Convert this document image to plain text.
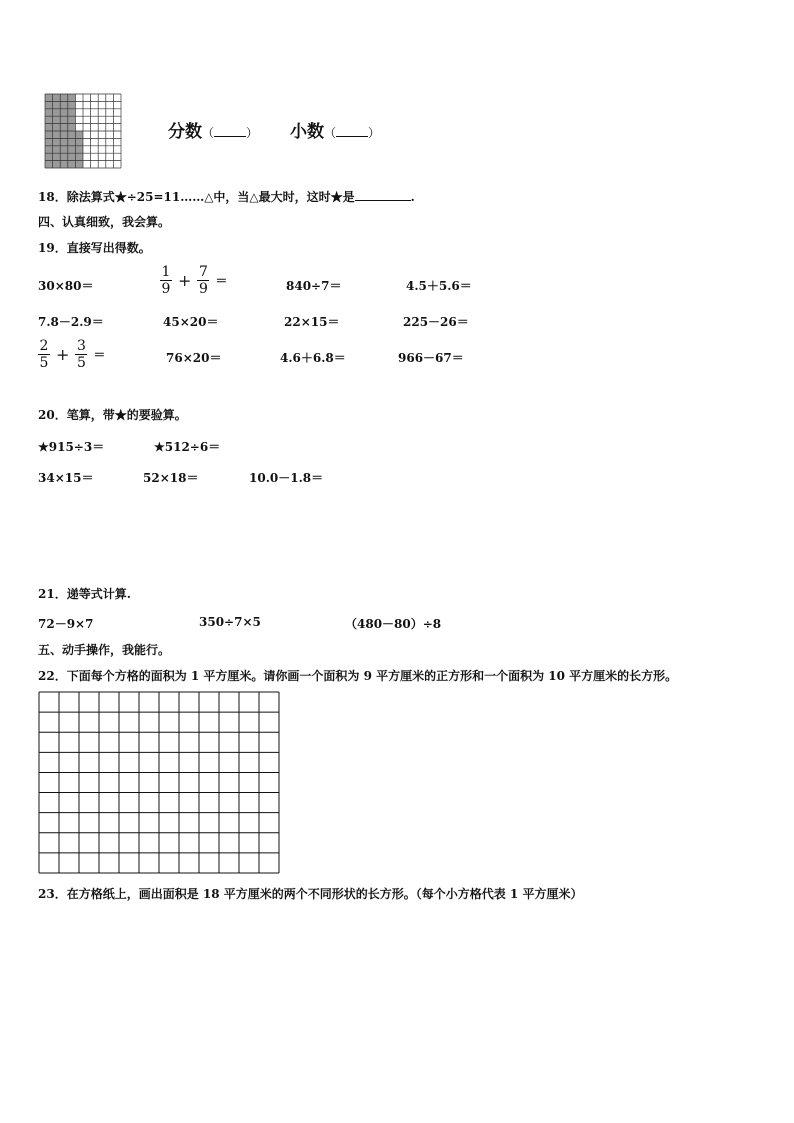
分数（	） 小数（	）
18．除法算式★÷25=11……△中，当△最大时，这时★是	.
四、认真细致，我会算。
19．直接写出得数。
30×80＝	$\frac{1}{9} + \frac{7}{9}$ ＝	840÷7＝	4.5＋5.6＝
7.8－2.9＝	45×20＝	22×15＝	225－26＝
$\frac{2}{5} + \frac{3}{5}$ ＝	76×20＝	4.6＋6.8＝	966－67＝
20．笔算，带★的要验算。
★915÷3＝	★512÷6＝
34×15＝	52×18＝	10.0－1.8＝
21．递等式计算.
72－9×7	350÷7×5	（480－80）÷8
五、动手操作，我能行。
22．下面每个方格的面积为 1 平方厘米。请你画一个面积为 9 平方厘米的正方形和一个面积为 10 平方厘米的长方形。
23．在方格纸上，画出面积是 18 平方厘米的两个不同形状的长方形。（每个小方格代表 1 平方厘米）
